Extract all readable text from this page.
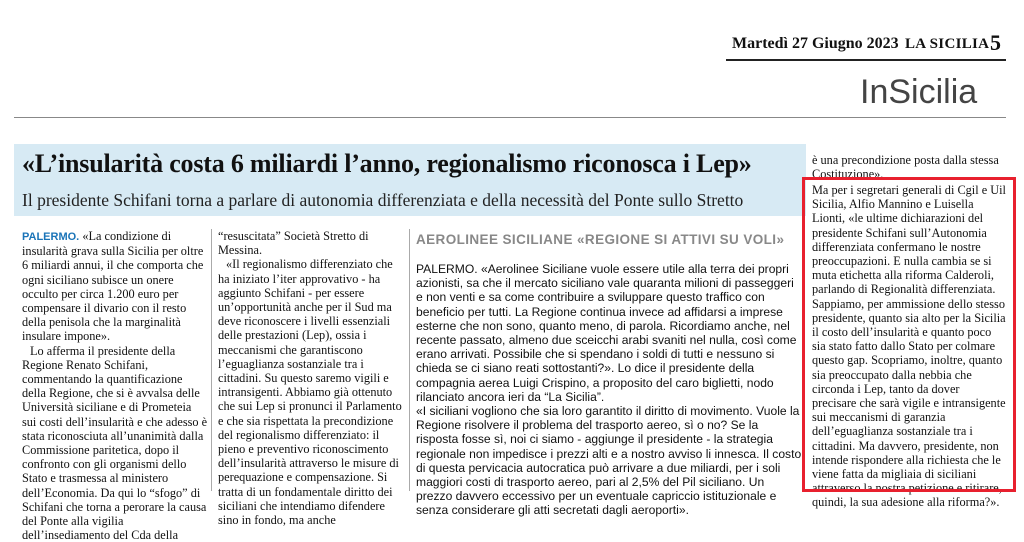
Martedì 27 Giugno 2023 LA SICILIA 5
InSicilia
«L’insularità costa 6 miliardi l’anno, regionalismo riconosca i Lep»
Il presidente Schifani torna a parlare di autonomia differenziata e della necessità del Ponte sullo Stretto

PALERMO. «La condizione di insularità grava sulla Sicilia per oltre 6 miliardi annui, il che comporta che ogni siciliano subisce un onere occulto per circa 1.200 euro per compensare il divario con il resto della penisola che la marginalità insulare impone».

Lo afferma il presidente della Regione Renato Schifani, commentando la quantificazione della Regione, che si è avvalsa delle Università siciliane e di Prometeia sui costi dell’insularità e che adesso è stata riconosciuta all’unanimità dalla Commissione paritetica, dopo il confronto con gli organismi dello Stato e trasmessa al ministero dell’Economia. Da qui lo “sfogo” di Schifani che torna a perorare la causa del Ponte alla vigilia dell’insediamento del Cda della

“resuscitata” Società Stretto di Messina.

«Il regionalismo differenziato che ha iniziato l’iter approvativo - ha aggiunto Schifani - per essere un’opportunità anche per il Sud ma deve riconoscere i livelli essenziali delle prestazioni (Lep), ossia i meccanismi che garantiscono l’eguaglianza sostanziale tra i cittadini. Su questo saremo vigili e intransigenti. Abbiamo già ottenuto che sui Lep si pronunci il Parlamento e che sia rispettata la precondizione del regionalismo differenziato: il pieno e preventivo riconoscimento dell’insularità attraverso le misure di perequazione e compensazione. Si tratta di un fondamentale diritto dei siciliani che intendiamo difendere sino in fondo, ma anche

AEROLINEE SICILIANE «REGIONE SI ATTIVI SU VOLI»

PALERMO. «Aerolinee Siciliane vuole essere utile alla terra dei propri azionisti, sa che il mercato siciliano vale quaranta milioni di passeggeri e non venti e sa come contribuire a sviluppare questo traffico con beneficio per tutti. La Regione continua invece ad affidarsi a imprese esterne che non sono, quanto meno, di parola. Ricordiamo anche, nel recente passato, almeno due sceicchi arabi svaniti nel nulla, così come erano arrivati. Possibile che si spendano i soldi di tutti e nessuno si chieda se ci siano reati sottostanti?». Lo dice il presidente della compagnia aerea Luigi Crispino, a proposito del caro biglietti, nodo rilanciato ancora ieri da “La Sicilia”.

«I siciliani vogliono che sia loro garantito il diritto di movimento. Vuole la Regione risolvere il problema del trasporto aereo, sì o no? Se la risposta fosse sì, noi ci siamo - aggiunge il presidente - la strategia regionale non impedisce i prezzi alti e a nostro avviso li innesca. Il costo di questa pervicacia autocratica può arrivare a due miliardi, per i soli maggiori costi di trasporto aereo, pari al 2,5% del Pil siciliano. Un prezzo davvero eccessivo per un eventuale capriccio istituzionale e senza considerare gli atti secretati dagli aeroporti».

è una precondizione posta dalla stessa Costituzione».
Ma per i segretari generali di Cgil e Uil Sicilia, Alfio Mannino e Luisella Lionti, «le ultime dichiarazioni del presidente Schifani sull’Autonomia differenziata confermano le nostre preoccupazioni. E nulla cambia se si muta etichetta alla riforma Calderoli, parlando di Regionalità differenziata. Sappiamo, per ammissione dello stesso presidente, quanto sia alto per la Sicilia il costo dell’insularità e quanto poco sia stato fatto dallo Stato per colmare questo gap. Scopriamo, inoltre, quanto sia preoccupato dalla nebbia che circonda i Lep, tanto da dover precisare che sarà vigile e intransigente sui meccanismi di garanzia dell’eguaglianza sostanziale tra i cittadini. Ma davvero, presidente, non intende rispondere alla richiesta che le viene fatta da migliaia di siciliani attraverso la nostra petizione e ritirare, quindi, la sua adesione alla riforma?».
